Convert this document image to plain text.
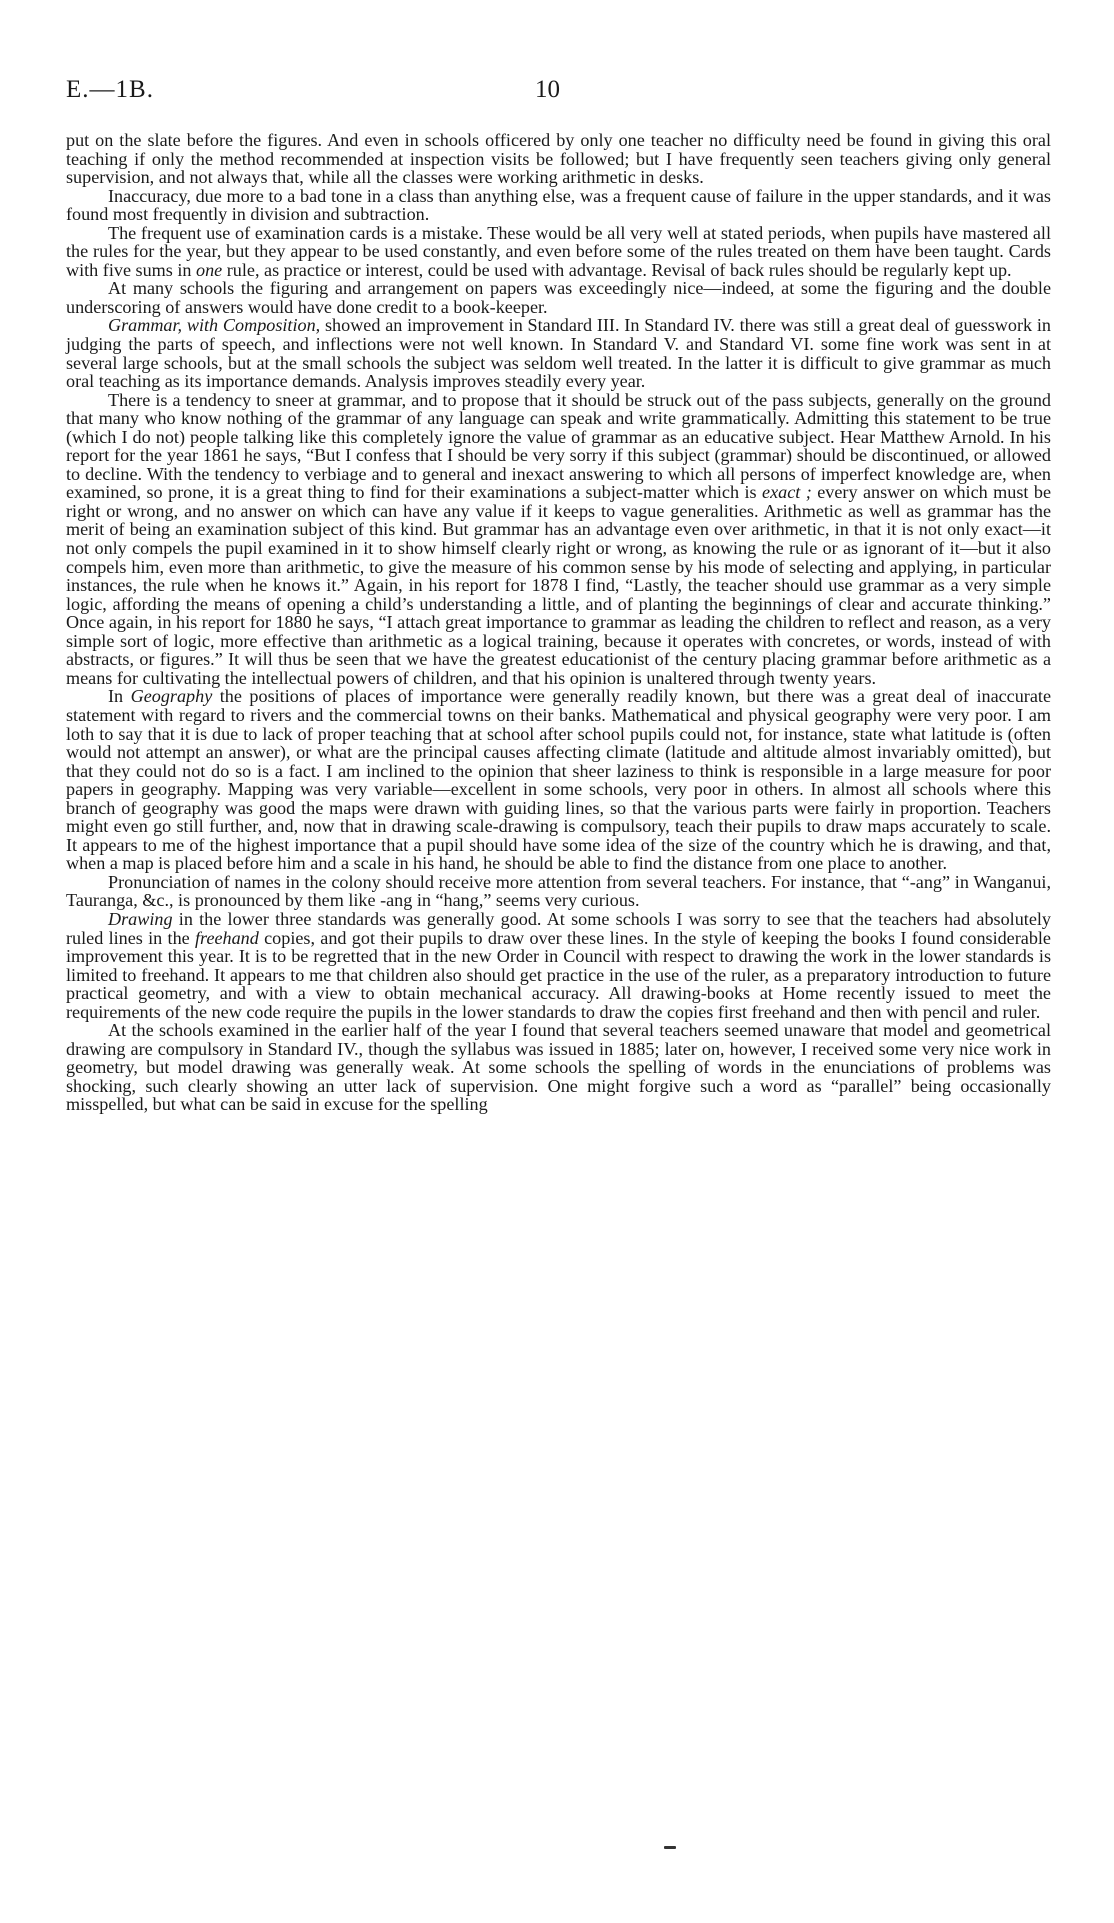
E.—1B.	10

put on the slate before the figures. And even in schools officered by only one teacher no difficulty need be found in giving this oral teaching if only the method recommended at inspection visits be followed; but I have frequently seen teachers giving only general supervision, and not always that, while all the classes were working arithmetic in desks.

Inaccuracy, due more to a bad tone in a class than anything else, was a frequent cause of failure in the upper standards, and it was found most frequently in division and subtraction.

The frequent use of examination cards is a mistake. These would be all very well at stated periods, when pupils have mastered all the rules for the year, but they appear to be used constantly, and even before some of the rules treated on them have been taught. Cards with five sums in one rule, as practice or interest, could be used with advantage. Revisal of back rules should be regularly kept up.

At many schools the figuring and arrangement on papers was exceedingly nice—indeed, at some the figuring and the double underscoring of answers would have done credit to a book-keeper.

Grammar, with Composition, showed an improvement in Standard III. In Standard IV. there was still a great deal of guesswork in judging the parts of speech, and inflections were not well known. In Standard V. and Standard VI. some fine work was sent in at several large schools, but at the small schools the subject was seldom well treated. In the latter it is difficult to give grammar as much oral teaching as its importance demands. Analysis improves steadily every year.

There is a tendency to sneer at grammar, and to propose that it should be struck out of the pass subjects, generally on the ground that many who know nothing of the grammar of any language can speak and write grammatically. Admitting this statement to be true (which I do not) people talking like this completely ignore the value of grammar as an educative subject. Hear Matthew Arnold. In his report for the year 1861 he says, “But I confess that I should be very sorry if this subject (grammar) should be discontinued, or allowed to decline. With the tendency to verbiage and to general and inexact answering to which all persons of imperfect knowledge are, when examined, so prone, it is a great thing to find for their examinations a subject-matter which is exact ; every answer on which must be right or wrong, and no answer on which can have any value if it keeps to vague generalities. Arithmetic as well as grammar has the merit of being an examination subject of this kind. But grammar has an advantage even over arithmetic, in that it is not only exact—it not only compels the pupil examined in it to show himself clearly right or wrong, as knowing the rule or as ignorant of it—but it also compels him, even more than arithmetic, to give the measure of his common sense by his mode of selecting and applying, in particular instances, the rule when he knows it.” Again, in his report for 1878 I find, “Lastly, the teacher should use grammar as a very simple logic, affording the means of opening a child’s understanding a little, and of planting the beginnings of clear and accurate thinking.” Once again, in his report for 1880 he says, “I attach great importance to grammar as leading the children to reflect and reason, as a very simple sort of logic, more effective than arithmetic as a logical training, because it operates with concretes, or words, instead of with abstracts, or figures.” It will thus be seen that we have the greatest educationist of the century placing grammar before arithmetic as a means for cultivating the intellectual powers of children, and that his opinion is unaltered through twenty years.

In Geography the positions of places of importance were generally readily known, but there was a great deal of inaccurate statement with regard to rivers and the commercial towns on their banks. Mathematical and physical geography were very poor. I am loth to say that it is due to lack of proper teaching that at school after school pupils could not, for instance, state what latitude is (often would not attempt an answer), or what are the principal causes affecting climate (latitude and altitude almost invariably omitted), but that they could not do so is a fact. I am inclined to the opinion that sheer laziness to think is responsible in a large measure for poor papers in geography. Mapping was very variable—excellent in some schools, very poor in others. In almost all schools where this branch of geography was good the maps were drawn with guiding lines, so that the various parts were fairly in proportion. Teachers might even go still further, and, now that in drawing scale-drawing is compulsory, teach their pupils to draw maps accurately to scale. It appears to me of the highest importance that a pupil should have some idea of the size of the country which he is drawing, and that, when a map is placed before him and a scale in his hand, he should be able to find the distance from one place to another.

Pronunciation of names in the colony should receive more attention from several teachers. For instance, that “-ang” in Wanganui, Tauranga, &c., is pronounced by them like -ang in “hang,” seems very curious.

Drawing in the lower three standards was generally good. At some schools I was sorry to see that the teachers had absolutely ruled lines in the freehand copies, and got their pupils to draw over these lines. In the style of keeping the books I found considerable improvement this year. It is to be regretted that in the new Order in Council with respect to drawing the work in the lower standards is limited to freehand. It appears to me that children also should get practice in the use of the ruler, as a preparatory introduction to future practical geometry, and with a view to obtain mechanical accuracy. All drawing-books at Home recently issued to meet the requirements of the new code require the pupils in the lower standards to draw the copies first freehand and then with pencil and ruler.

At the schools examined in the earlier half of the year I found that several teachers seemed unaware that model and geometrical drawing are compulsory in Standard IV., though the syllabus was issued in 1885; later on, however, I received some very nice work in geometry, but model drawing was generally weak. At some schools the spelling of words in the enunciations of problems was shocking, such clearly showing an utter lack of supervision. One might forgive such a word as “parallel” being occasionally misspelled, but what can be said in excuse for the spelling
